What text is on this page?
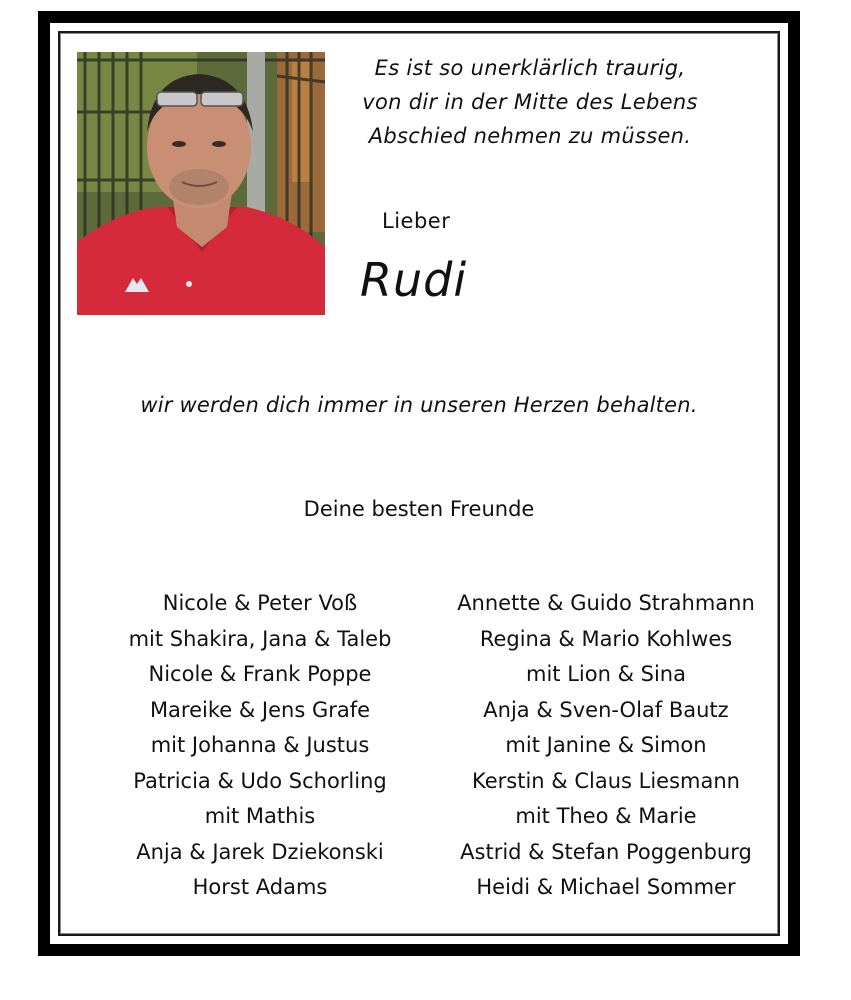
Es ist so unerklärlich traurig,
von dir in der Mitte des Lebens
Abschied nehmen zu müssen.
Lieber
Rudi
wir werden dich immer in unseren Herzen behalten.
Deine besten Freunde
Nicole & Peter Voß
mit Shakira, Jana & Taleb
Nicole & Frank Poppe
Mareike & Jens Grafe
mit Johanna & Justus
Patricia & Udo Schorling
mit Mathis
Anja & Jarek Dziekonski
Horst Adams
Annette & Guido Strahmann
Regina & Mario Kohlwes
mit Lion & Sina
Anja & Sven-Olaf Bautz
mit Janine & Simon
Kerstin & Claus Liesmann
mit Theo & Marie
Astrid & Stefan Poggenburg
Heidi & Michael Sommer
